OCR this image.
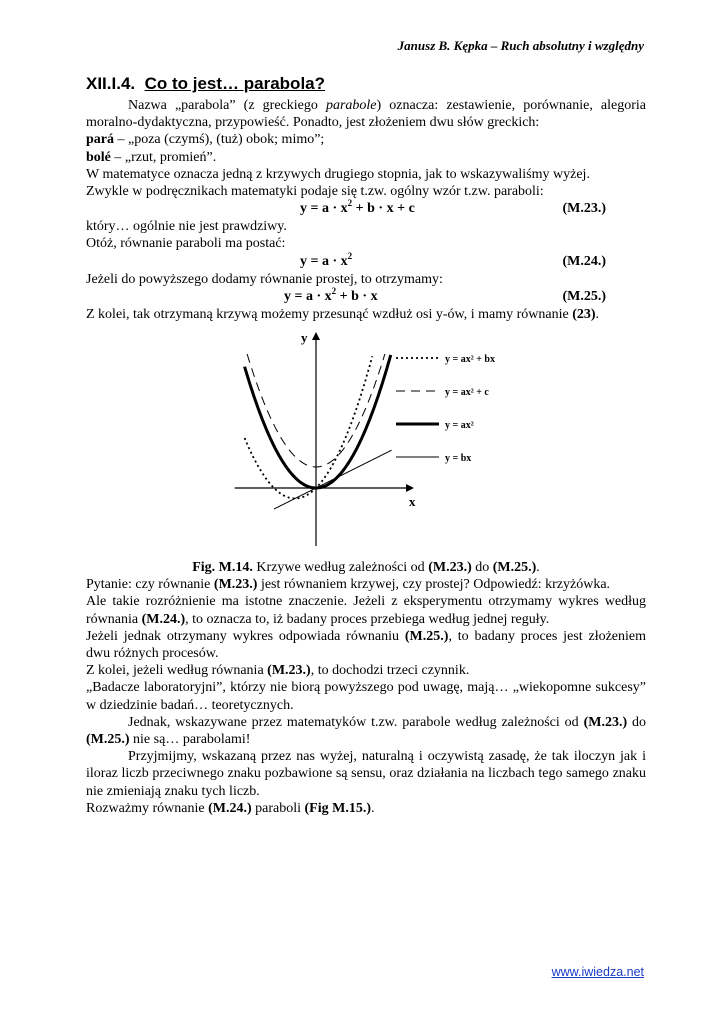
Janusz B. Kępka – Ruch absolutny i względny
XII.I.4. Co to jest… parabola?

Nazwa „parabola” (z greckiego parabole) oznacza: zestawienie, porównanie, alegoria moralno-dydaktyczna, przypowieść. Ponadto, jest złożeniem dwu słów greckich:

pará – „poza (czymś), (tuż) obok; mimo”;

bolé – „rzut, promień”.

W matematyce oznacza jedną z krzywych drugiego stopnia, jak to wskazywaliśmy wyżej.

Zwykle w podręcznikach matematyki podaje się t.zw. ogólny wzór t.zw. paraboli:

$y = a \cdot x^2 + b \cdot x + c$	(M.23.)

który… ogólnie nie jest prawdziwy.

Otóż, równanie paraboli ma postać:

$y = a \cdot x^2$	(M.24.)

Jeżeli do powyższego dodamy równanie prostej, to otrzymamy:

$y = a \cdot x^2 + b \cdot x$	(M.25.)

Z kolei, tak otrzymaną krzywą możemy przesunąć wzdłuż osi y-ów, i mamy równanie (23).

x
y
y = ax² + bx
y = ax² + c
y = ax²
y = bx

Fig. M.14. Krzywe według zależności od (M.23.) do (M.25.).

Pytanie: czy równanie (M.23.) jest równaniem krzywej, czy prostej? Odpowiedź: krzyżówka.

Ale takie rozróżnienie ma istotne znaczenie. Jeżeli z eksperymentu otrzymamy wykres według równania (M.24.), to oznacza to, iż badany proces przebiega według jednej reguły.

Jeżeli jednak otrzymany wykres odpowiada równaniu (M.25.), to badany proces jest złożeniem dwu różnych procesów.

Z kolei, jeżeli według równania (M.23.), to dochodzi trzeci czynnik.

„Badacze laboratoryjni”, którzy nie biorą powyższego pod uwagę, mają… „wiekopomne sukcesy” w dziedzinie badań… teoretycznych.

Jednak, wskazywane przez matematyków t.zw. parabole według zależności od (M.23.) do (M.25.) nie są… parabolami!

Przyjmijmy, wskazaną przez nas wyżej, naturalną i oczywistą zasadę, że tak iloczyn jak i iloraz liczb przeciwnego znaku pozbawione są sensu, oraz działania na liczbach tego samego znaku nie zmieniają znaku tych liczb.

Rozważmy równanie (M.24.) paraboli (Fig M.15.).

www.iwiedza.net
